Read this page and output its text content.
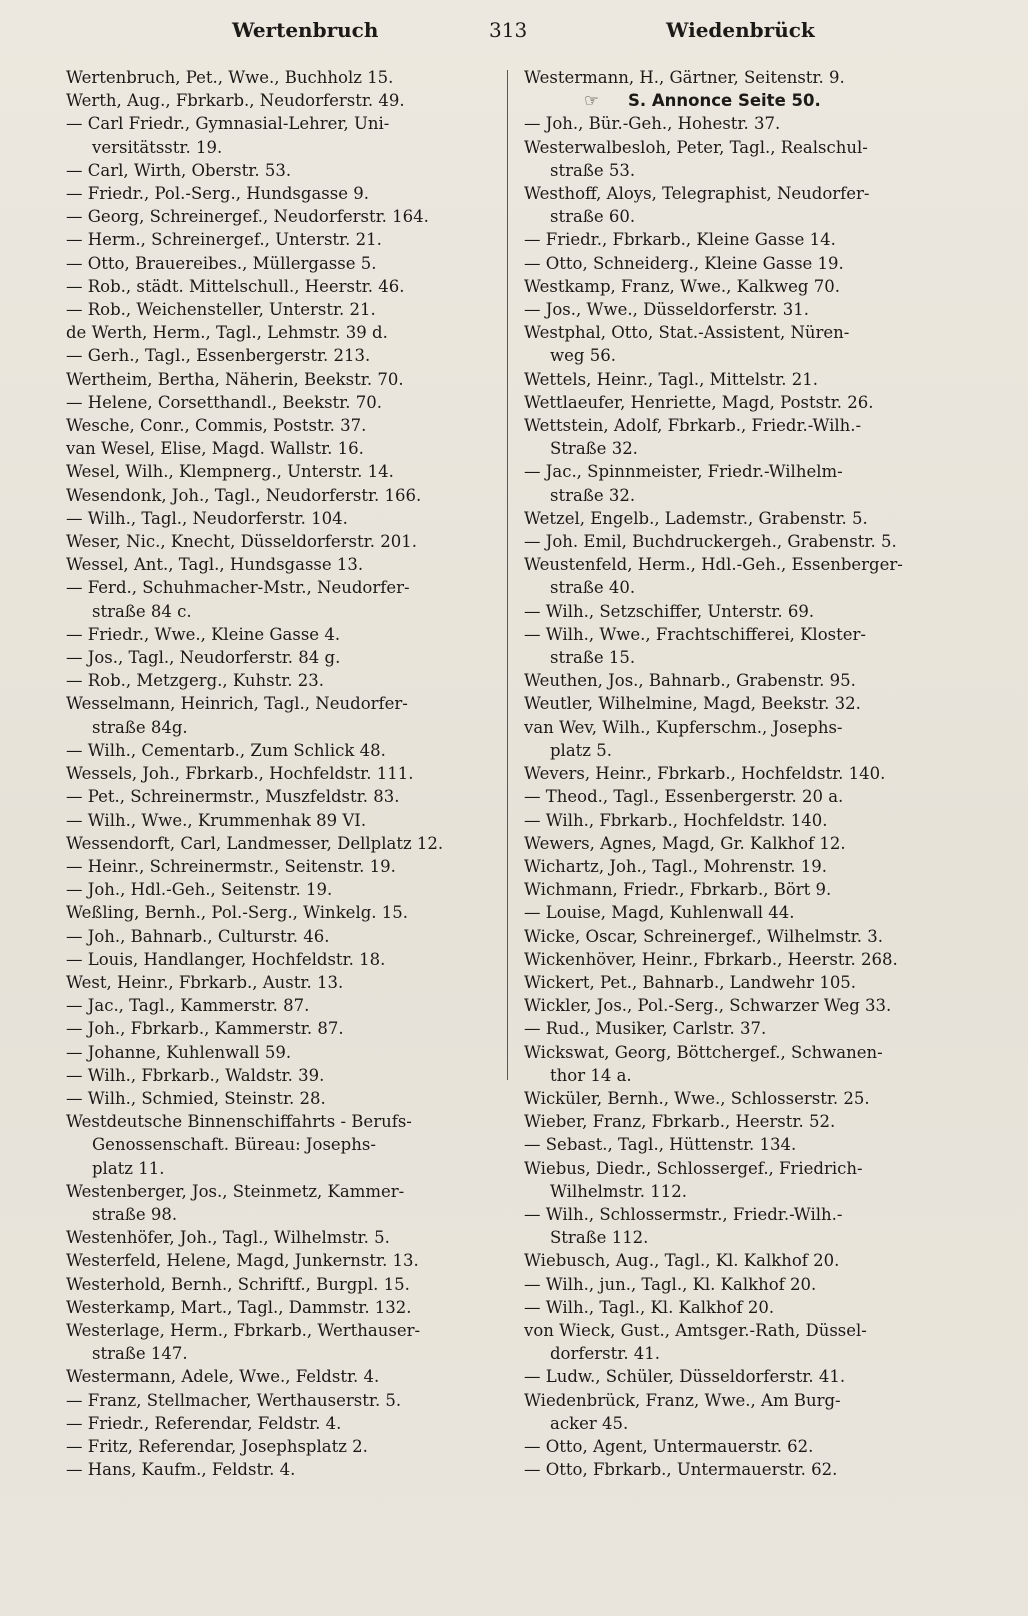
Wertenbruch	313	Wiedenbrück
Wertenbruch, Pet., Wwe., Buchholz 15.
Werth, Aug., Fbrkarb., Neudorferstr. 49.
— Carl Friedr., Gymnasial-Lehrer, Uni-
versitätsstr. 19.
— Carl, Wirth, Oberstr. 53.
— Friedr., Pol.-Serg., Hundsgasse 9.
— Georg, Schreinergef., Neudorferstr. 164.
— Herm., Schreinergef., Unterstr. 21.
— Otto, Brauereibes., Müllergasse 5.
— Rob., städt. Mittelschull., Heerstr. 46.
— Rob., Weichensteller, Unterstr. 21.
de Werth, Herm., Tagl., Lehmstr. 39 d.
— Gerh., Tagl., Essenbergerstr. 213.
Wertheim, Bertha, Näherin, Beekstr. 70.
— Helene, Corsetthandl., Beekstr. 70.
Wesche, Conr., Commis, Poststr. 37.
van Wesel, Elise, Magd. Wallstr. 16.
Wesel, Wilh., Klempnerg., Unterstr. 14.
Wesendonk, Joh., Tagl., Neudorferstr. 166.
— Wilh., Tagl., Neudorferstr. 104.
Weser, Nic., Knecht, Düsseldorferstr. 201.
Wessel, Ant., Tagl., Hundsgasse 13.
— Ferd., Schuhmacher-Mstr., Neudorfer-
straße 84 c.
— Friedr., Wwe., Kleine Gasse 4.
— Jos., Tagl., Neudorferstr. 84 g.
— Rob., Metzgerg., Kuhstr. 23.
Wesselmann, Heinrich, Tagl., Neudorfer-
straße 84g.
— Wilh., Cementarb., Zum Schlick 48.
Wessels, Joh., Fbrkarb., Hochfeldstr. 111.
— Pet., Schreinermstr., Muszfeldstr. 83.
— Wilh., Wwe., Krummenhak 89 VI.
Wessendorft, Carl, Landmesser, Dellplatz 12.
— Heinr., Schreinermstr., Seitenstr. 19.
— Joh., Hdl.-Geh., Seitenstr. 19.
Weßling, Bernh., Pol.-Serg., Winkelg. 15.
— Joh., Bahnarb., Culturstr. 46.
— Louis, Handlanger, Hochfeldstr. 18.
West, Heinr., Fbrkarb., Austr. 13.
— Jac., Tagl., Kammerstr. 87.
— Joh., Fbrkarb., Kammerstr. 87.
— Johanne, Kuhlenwall 59.
— Wilh., Fbrkarb., Waldstr. 39.
— Wilh., Schmied, Steinstr. 28.
Westdeutsche Binnenschiffahrts - Berufs-
Genossenschaft. Büreau: Josephs-
platz 11.
Westenberger, Jos., Steinmetz, Kammer-
straße 98.
Westenhöfer, Joh., Tagl., Wilhelmstr. 5.
Westerfeld, Helene, Magd, Junkernstr. 13.
Westerhold, Bernh., Schriftf., Burgpl. 15.
Westerkamp, Mart., Tagl., Dammstr. 132.
Westerlage, Herm., Fbrkarb., Werthauser-
straße 147.
Westermann, Adele, Wwe., Feldstr. 4.
— Franz, Stellmacher, Werthauserstr. 5.
— Friedr., Referendar, Feldstr. 4.
— Fritz, Referendar, Josephsplatz 2.
— Hans, Kaufm., Feldstr. 4.
Westermann, H., Gärtner, Seitenstr. 9.
☞	S. Annonce Seite 50.
— Joh., Bür.-Geh., Hohestr. 37.
Westerwalbesloh, Peter, Tagl., Realschul-
straße 53.
Westhoff, Aloys, Telegraphist, Neudorfer-
straße 60.
— Friedr., Fbrkarb., Kleine Gasse 14.
— Otto, Schneiderg., Kleine Gasse 19.
Westkamp, Franz, Wwe., Kalkweg 70.
— Jos., Wwe., Düsseldorferstr. 31.
Westphal, Otto, Stat.-Assistent, Nüren-
weg 56.
Wettels, Heinr., Tagl., Mittelstr. 21.
Wettlaeufer, Henriette, Magd, Poststr. 26.
Wettstein, Adolf, Fbrkarb., Friedr.-Wilh.-
Straße 32.
— Jac., Spinnmeister, Friedr.-Wilhelm-
straße 32.
Wetzel, Engelb., Lademstr., Grabenstr. 5.
— Joh. Emil, Buchdruckergeh., Grabenstr. 5.
Weustenfeld, Herm., Hdl.-Geh., Essenberger-
straße 40.
— Wilh., Setzschiffer, Unterstr. 69.
— Wilh., Wwe., Frachtschifferei, Kloster-
straße 15.
Weuthen, Jos., Bahnarb., Grabenstr. 95.
Weutler, Wilhelmine, Magd, Beekstr. 32.
van Wev, Wilh., Kupferschm., Josephs-
platz 5.
Wevers, Heinr., Fbrkarb., Hochfeldstr. 140.
— Theod., Tagl., Essenbergerstr. 20 a.
— Wilh., Fbrkarb., Hochfeldstr. 140.
Wewers, Agnes, Magd, Gr. Kalkhof 12.
Wichartz, Joh., Tagl., Mohrenstr. 19.
Wichmann, Friedr., Fbrkarb., Bört 9.
— Louise, Magd, Kuhlenwall 44.
Wicke, Oscar, Schreinergef., Wilhelmstr. 3.
Wickenhöver, Heinr., Fbrkarb., Heerstr. 268.
Wickert, Pet., Bahnarb., Landwehr 105.
Wickler, Jos., Pol.-Serg., Schwarzer Weg 33.
— Rud., Musiker, Carlstr. 37.
Wickswat, Georg, Böttchergef., Schwanen-
thor 14 a.
Wicküler, Bernh., Wwe., Schlosserstr. 25.
Wieber, Franz, Fbrkarb., Heerstr. 52.
— Sebast., Tagl., Hüttenstr. 134.
Wiebus, Diedr., Schlossergef., Friedrich-
Wilhelmstr. 112.
— Wilh., Schlossermstr., Friedr.-Wilh.-
Straße 112.
Wiebusch, Aug., Tagl., Kl. Kalkhof 20.
— Wilh., jun., Tagl., Kl. Kalkhof 20.
— Wilh., Tagl., Kl. Kalkhof 20.
von Wieck, Gust., Amtsger.-Rath, Düssel-
dorferstr. 41.
— Ludw., Schüler, Düsseldorferstr. 41.
Wiedenbrück, Franz, Wwe., Am Burg-
acker 45.
— Otto, Agent, Untermauerstr. 62.
— Otto, Fbrkarb., Untermauerstr. 62.
